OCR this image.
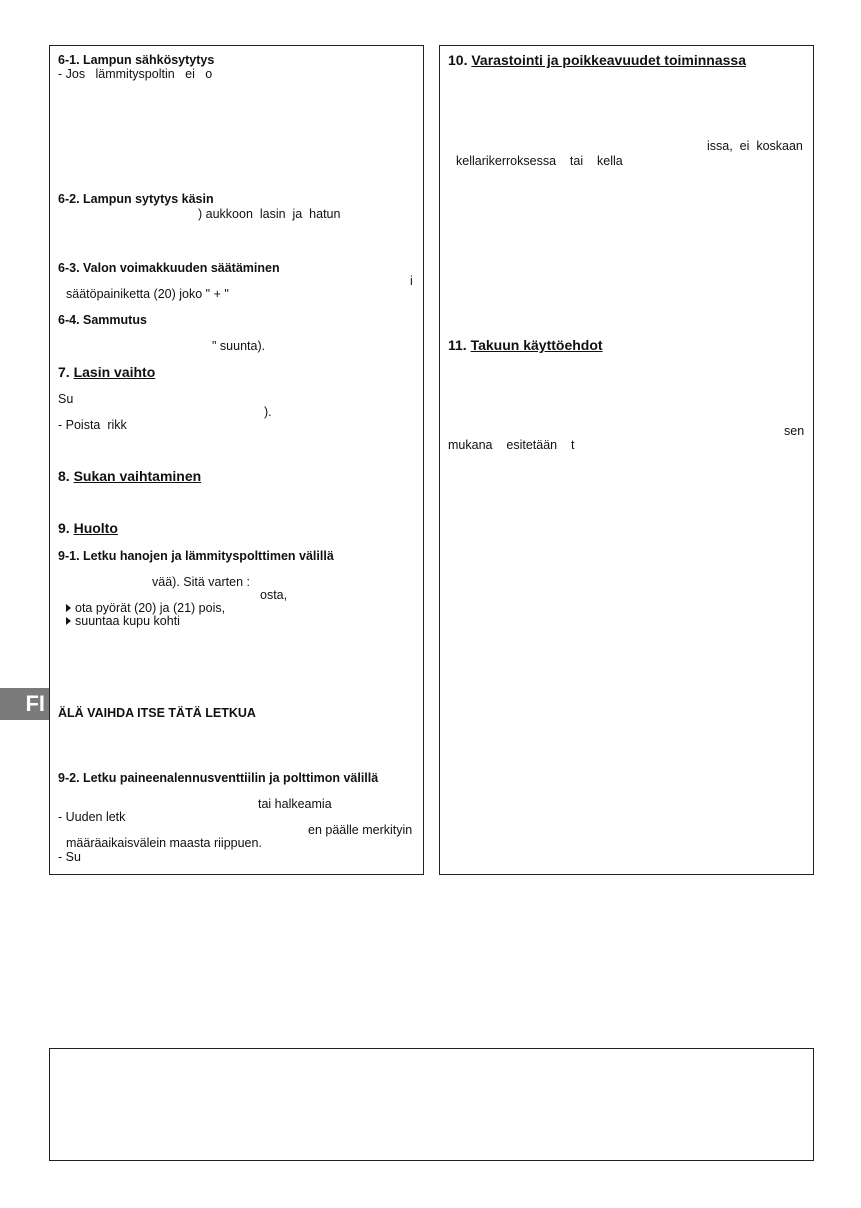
6-1. Lampun sähkösytytys
- Jos   lämmityspoltin   ei   o
6-2. Lampun sytytys käsin
) aukkoon  lasin  ja  hatun
6-3. Valon voimakkuuden säätäminen
i
säätöpainiketta (20) joko " + "
6-4. Sammutus
" suunta).
7. Lasin vaihto
Su
).
- Poista  rikk
8. Sukan vaihtaminen
9. Huolto
9-1. Letku hanojen ja lämmityspolttimen välillä
vää). Sitä varten :
osta,
ota pyörät (20) ja (21) pois,
suuntaa kupu kohti
FI	ÄLÄ VAIHDA ITSE TÄTÄ LETKUA
9-2. Letku paineenalennusventtiilin ja polttimon välillä
tai halkeamia
- Uuden letk
en päälle merkityin
määräaikaisvälein maasta riippuen.
- Su
10. Varastointi ja poikkeavuudet toiminnassa
issa,  ei  koskaan
kellarikerroksessa    tai    kella
11. Takuun käyttöehdot
sen
mukana    esitetään    t
